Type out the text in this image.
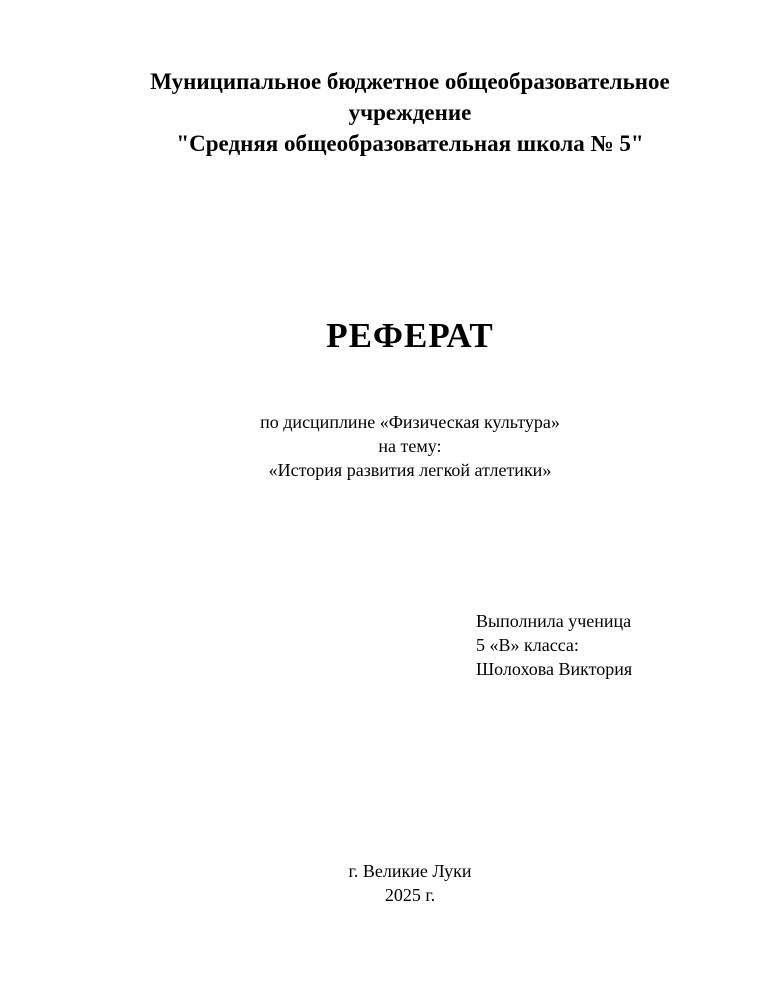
Муниципальное бюджетное общеобразовательное
учреждение
"Средняя общеобразовательная школа № 5"
РЕФЕРАТ
по дисциплине «Физическая культура»
на тему:
«История развития легкой атлетики»
Выполнила ученица
5 «В» класса:
Шолохова Виктория
г. Великие Луки
2025 г.
